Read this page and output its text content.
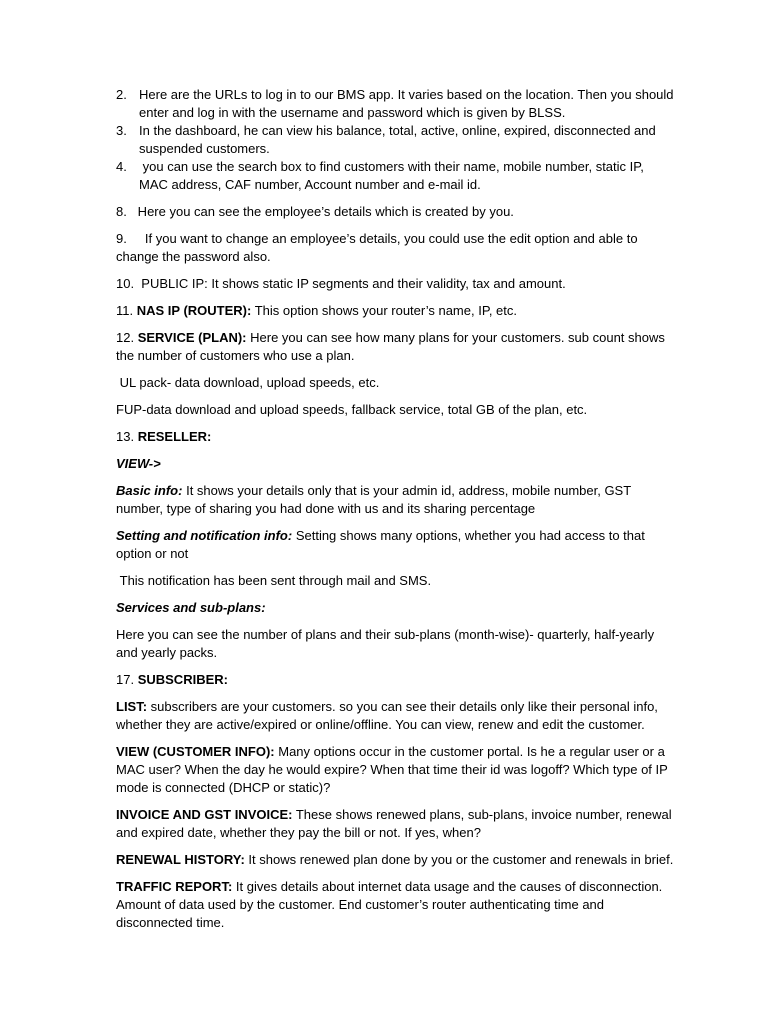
2. Here are the URLs to log in to our BMS app. It varies based on the location. Then you should enter and log in with the username and password which is given by BLSS.
3. In the dashboard, he can view his balance, total, active, online, expired, disconnected and suspended customers.
4. you can use the search box to find customers with their name, mobile number, static IP, MAC address, CAF number, Account number and e-mail id.

8.   Here you can see the employee’s details which is created by you.

9.     If you want to change an employee’s details, you could use the edit option and able to change the password also.

10.  PUBLIC IP: It shows static IP segments and their validity, tax and amount.

11. NAS IP (ROUTER): This option shows your router’s name, IP, etc.

12. SERVICE (PLAN): Here you can see how many plans for your customers. sub count shows the number of customers who use a plan.

UL pack- data download, upload speeds, etc.

FUP-data download and upload speeds, fallback service, total GB of the plan, etc.

13. RESELLER:

VIEW->

Basic info: It shows your details only that is your admin id, address, mobile number, GST number, type of sharing you had done with us and its sharing percentage

Setting and notification info: Setting shows many options, whether you had access to that option or not

This notification has been sent through mail and SMS.

Services and sub-plans:

Here you can see the number of plans and their sub-plans (month-wise)- quarterly, half-yearly and yearly packs.

17. SUBSCRIBER:

LIST: subscribers are your customers. so you can see their details only like their personal info, whether they are active/expired or online/offline. You can view, renew and edit the customer.

VIEW (CUSTOMER INFO): Many options occur in the customer portal. Is he a regular user or a MAC user? When the day he would expire? When that time their id was logoff? Which type of IP mode is connected (DHCP or static)?

INVOICE AND GST INVOICE: These shows renewed plans, sub-plans, invoice number, renewal and expired date, whether they pay the bill or not. If yes, when?

RENEWAL HISTORY: It shows renewed plan done by you or the customer and renewals in brief.

TRAFFIC REPORT: It gives details about internet data usage and the causes of disconnection. Amount of data used by the customer. End customer’s router authenticating time and disconnected time.
